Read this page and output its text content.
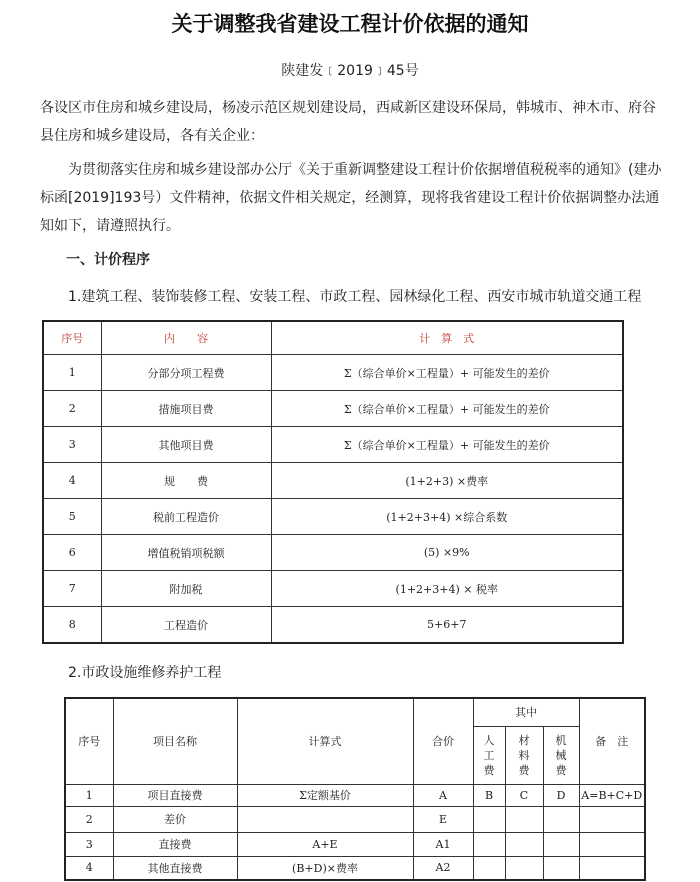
关于调整我省建设工程计价依据的通知
陕建发﹝2019﹞45号

各设区市住房和城乡建设局，杨凌示范区规划建设局，西咸新区建设环保局，韩城市、神木市、府谷县住房和城乡建设局，各有关企业：

为贯彻落实住房和城乡建设部办公厅《关于重新调整建设工程计价依据增值税税率的通知》(建办标函[2019]193号）文件精神，依据文件相关规定，经测算，现将我省建设工程计价依据调整办法通知如下，请遵照执行。

一、计价程序
1.建筑工程、装饰装修工程、安装工程、市政工程、园林绿化工程、西安市城市轨道交通工程
序号	内　　容	计　算　式
1	分部分项工程费	Σ（综合单价×工程量）+ 可能发生的差价
2	措施项目费	Σ（综合单价×工程量）+ 可能发生的差价
3	其他项目费	Σ（综合单价×工程量）+ 可能发生的差价
4	规　　费	(1+2+3) ×费率
5	税前工程造价	(1+2+3+4) ×综合系数
6	增值税销项税额	(5) ×9%
7	附加税	(1+2+3+4) × 税率
8	工程造价	5+6+7
2.市政设施维修养护工程
序号	项目名称	计算式	合价	其中			备　注
				人
工
费	材
料
费	机
械
费	
1	项目直接费	Σ定额基价	A	B	C	D	A=B+C+D
2	差价		E				
3	直接费	A+E	A1				
4	其他直接费	(B+D)×费率	A2				
